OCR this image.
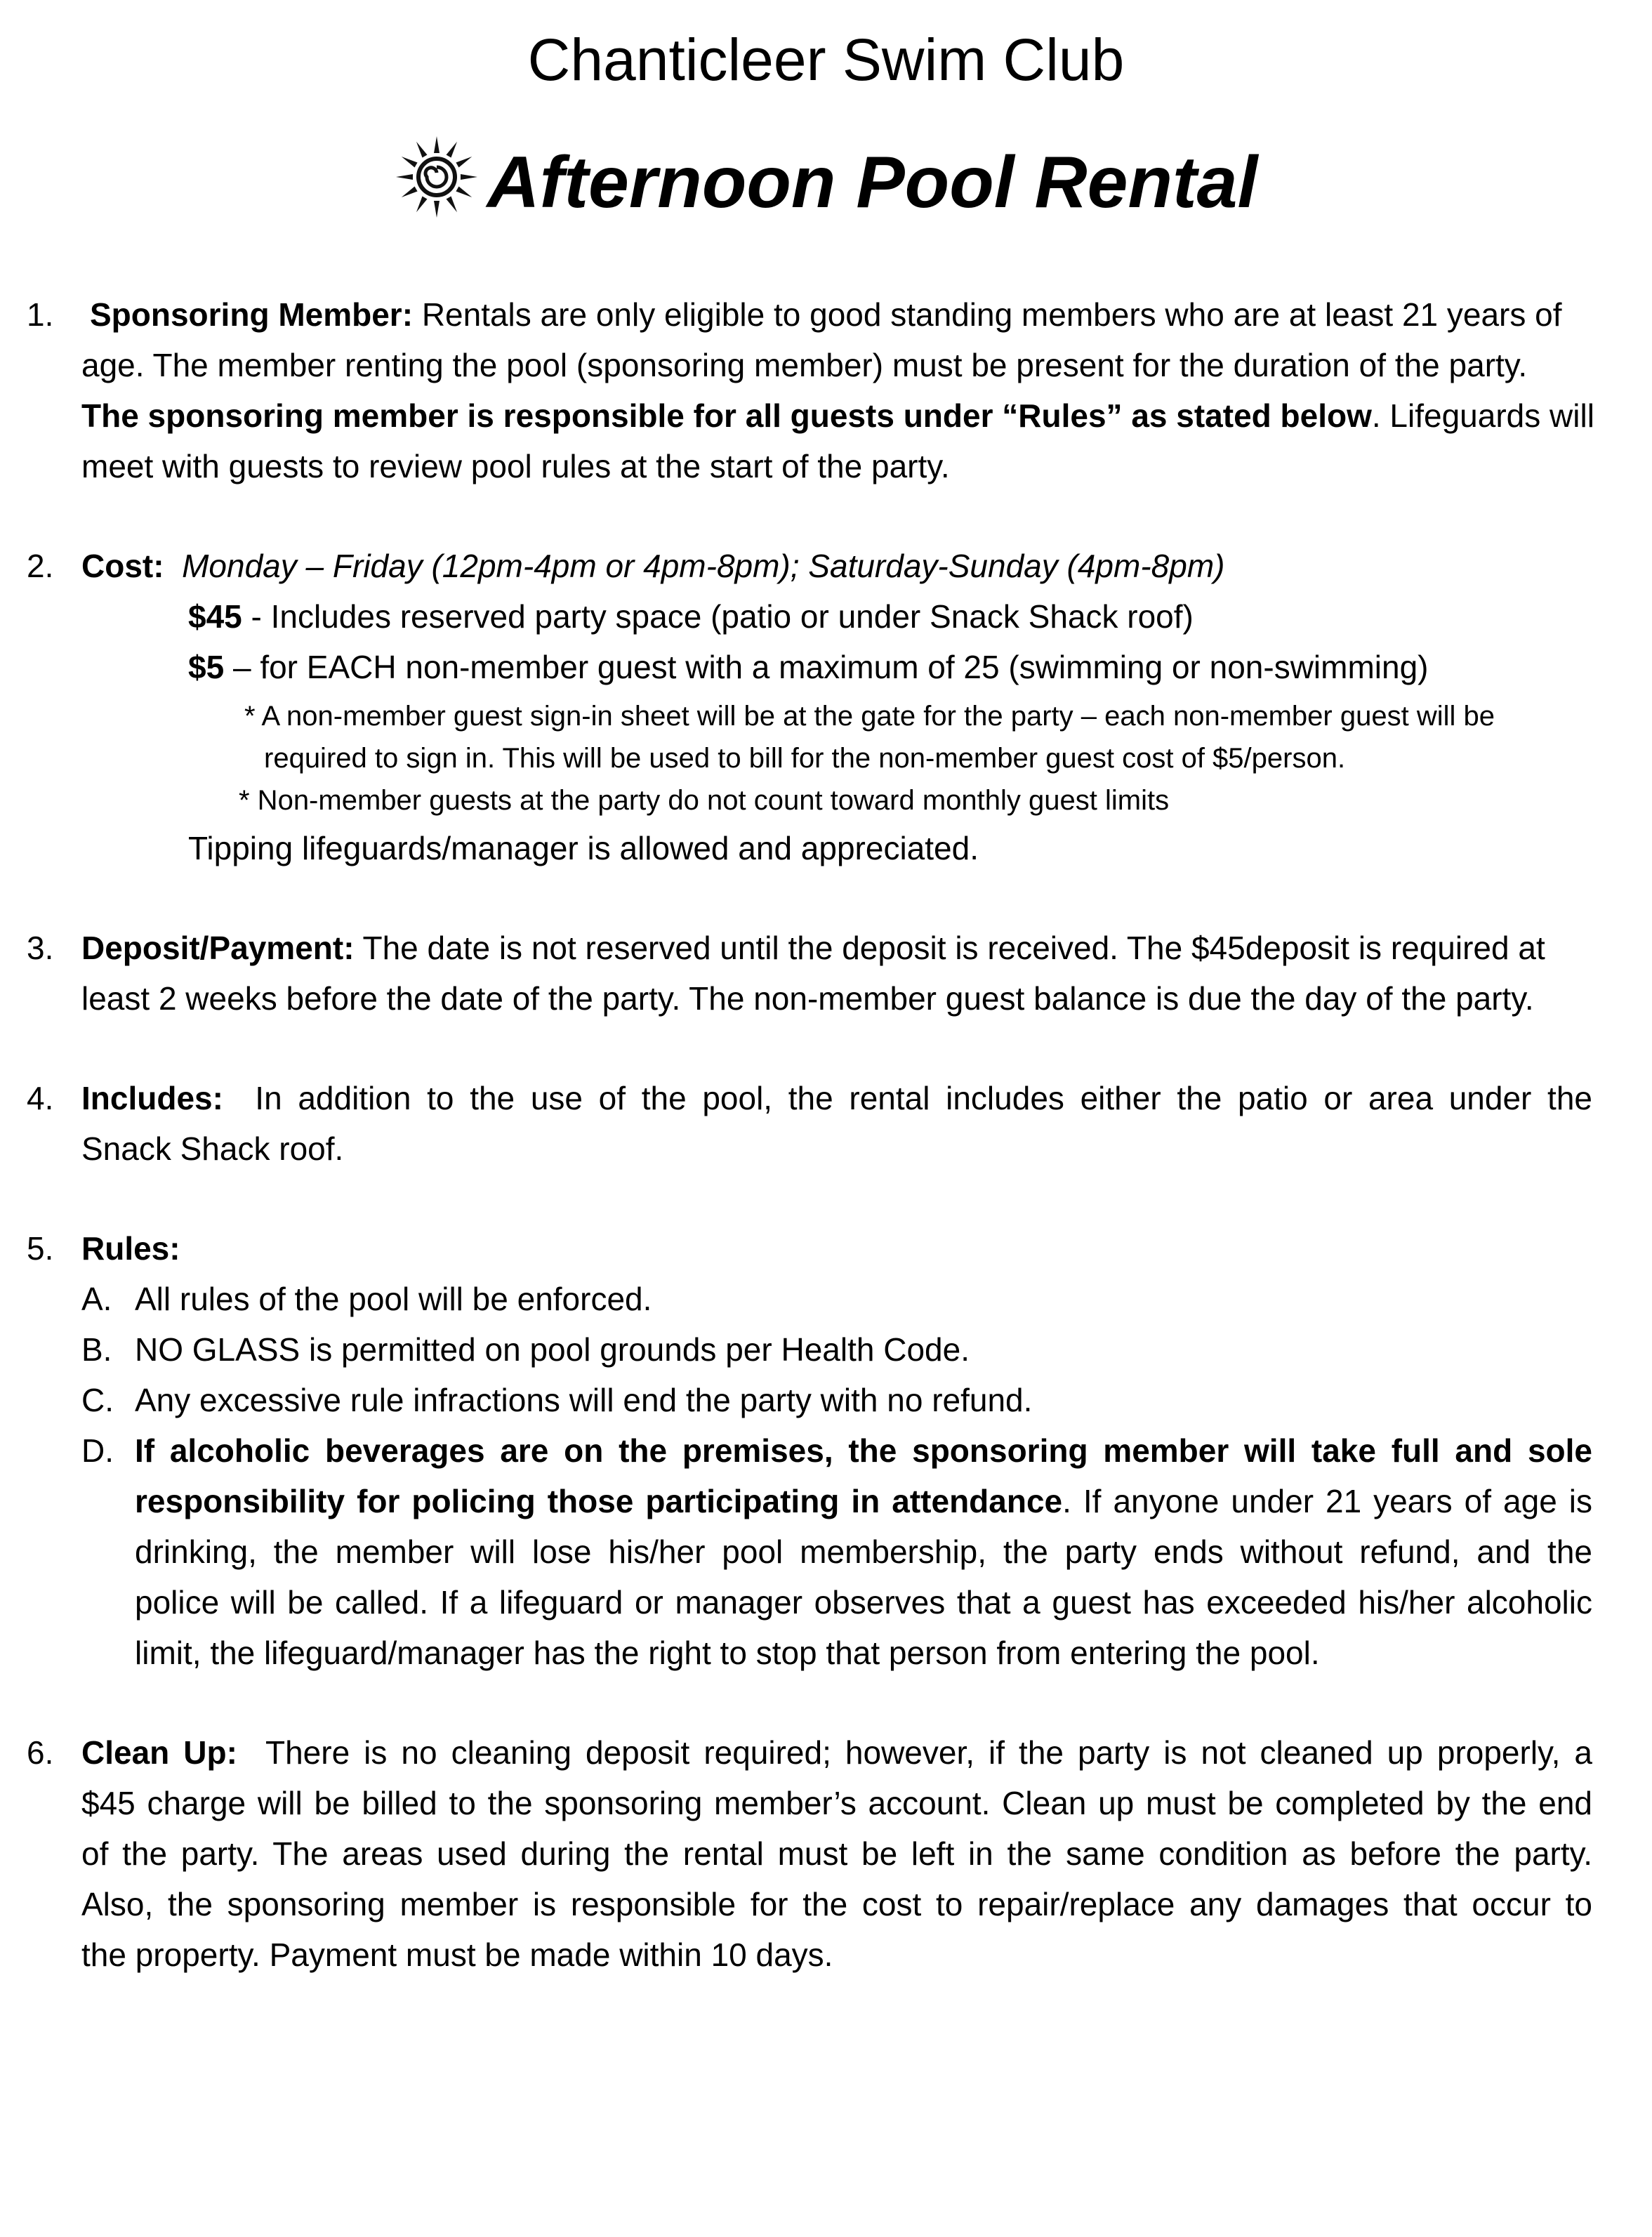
Chanticleer Swim Club
Afternoon Pool Rental
1. Sponsoring Member: Rentals are only eligible to good standing members who are at least 21 years of
age. The member renting the pool (sponsoring member) must be present for the duration of the party.
The sponsoring member is responsible for all guests under “Rules” as stated below. Lifeguards will
meet with guests to review pool rules at the start of the party.
2. Cost: Monday – Friday (12pm-4pm or 4pm-8pm); Saturday-Sunday (4pm-8pm)
$45 - Includes reserved party space (patio or under Snack Shack roof)
$5 – for EACH non-member guest with a maximum of 25 (swimming or non-swimming)
* A non-member guest sign-in sheet will be at the gate for the party – each non-member guest will be
required to sign in. This will be used to bill for the non-member guest cost of $5/person.
* Non-member guests at the party do not count toward monthly guest limits
Tipping lifeguards/manager is allowed and appreciated.
3. Deposit/Payment: The date is not reserved until the deposit is received. The $45deposit is required at
least 2 weeks before the date of the party. The non-member guest balance is due the day of the party.
4. Includes: In addition to the use of the pool, the rental includes either the patio or area under the
Snack Shack roof.
5. Rules:
A. All rules of the pool will be enforced.
B. NO GLASS is permitted on pool grounds per Health Code.
C. Any excessive rule infractions will end the party with no refund.
D. If alcoholic beverages are on the premises, the sponsoring member will take full and sole
responsibility for policing those participating in attendance. If anyone under 21 years of age is
drinking, the member will lose his/her pool membership, the party ends without refund, and the
police will be called. If a lifeguard or manager observes that a guest has exceeded his/her alcoholic
limit, the lifeguard/manager has the right to stop that person from entering the pool.
6. Clean Up: There is no cleaning deposit required; however, if the party is not cleaned up properly, a
$45 charge will be billed to the sponsoring member’s account. Clean up must be completed by the end
of the party. The areas used during the rental must be left in the same condition as before the party.
Also, the sponsoring member is responsible for the cost to repair/replace any damages that occur to
the property. Payment must be made within 10 days.
